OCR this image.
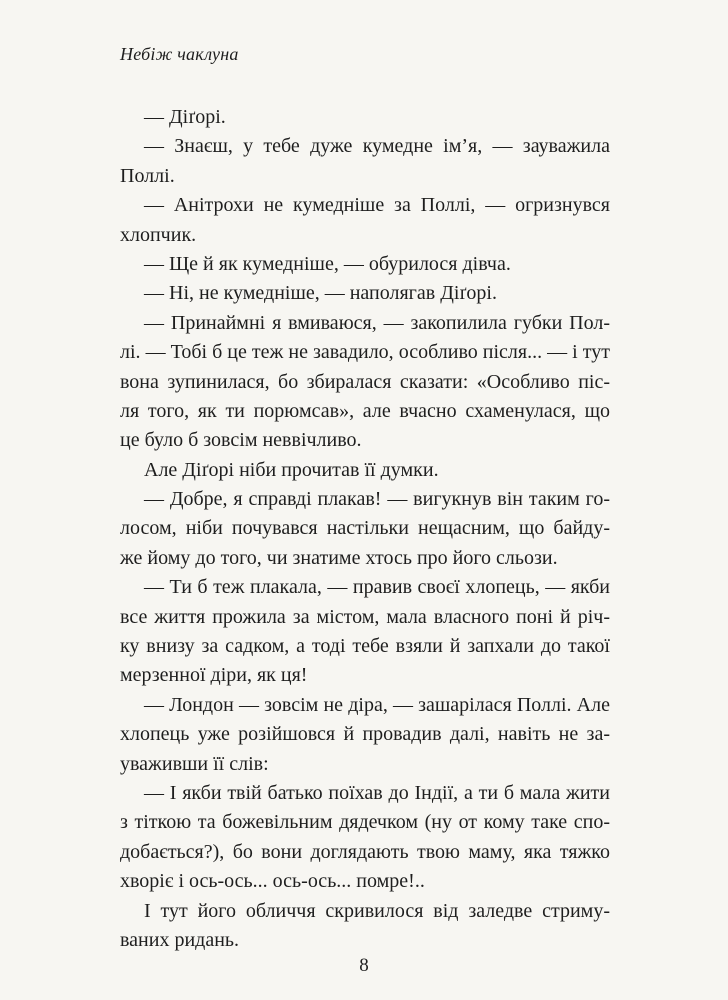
Небіж чаклуна
— Діґорі.
— Знаєш, у тебе дуже кумедне ім’я, — зауважила
Поллі.
— Анітрохи не кумедніше за Поллі, — огризнувся
хлопчик.
— Ще й як кумедніше, — обурилося дівча.
— Ні, не кумедніше, — наполягав Діґорі.
— Принаймні я вмиваюся, — закопилила губки Пол-
лі. — Тобі б це теж не завадило, особливо після... — і тут
вона зупинилася, бо збиралася сказати: «Особливо піс-
ля того, як ти порюмсав», але вчасно схаменулася, що
це було б зовсім неввічливо.
Але Діґорі ніби прочитав її думки.
— Добре, я справді плакав! — вигукнув він таким го-
лосом, ніби почувався настільки нещасним, що байду-
же йому до того, чи знатиме хтось про його сльози.
— Ти б теж плакала, — правив своєї хлопець, — якби
все життя прожила за містом, мала власного поні й річ-
ку внизу за садком, а тоді тебе взяли й запхали до такої
мерзенної діри, як ця!
— Лондон — зовсім не діра, — зашарілася Поллі. Але
хлопець уже розійшовся й провадив далі, навіть не за-
уваживши її слів:
— І якби твій батько поїхав до Індії, а ти б мала жити
з тіткою та божевільним дядечком (ну от кому таке спо-
добається?), бо вони доглядають твою маму, яка тяжко
хворіє і ось-ось... ось-ось... помре!..
І тут його обличчя скривилося від заледве стриму-
ваних ридань.
8
